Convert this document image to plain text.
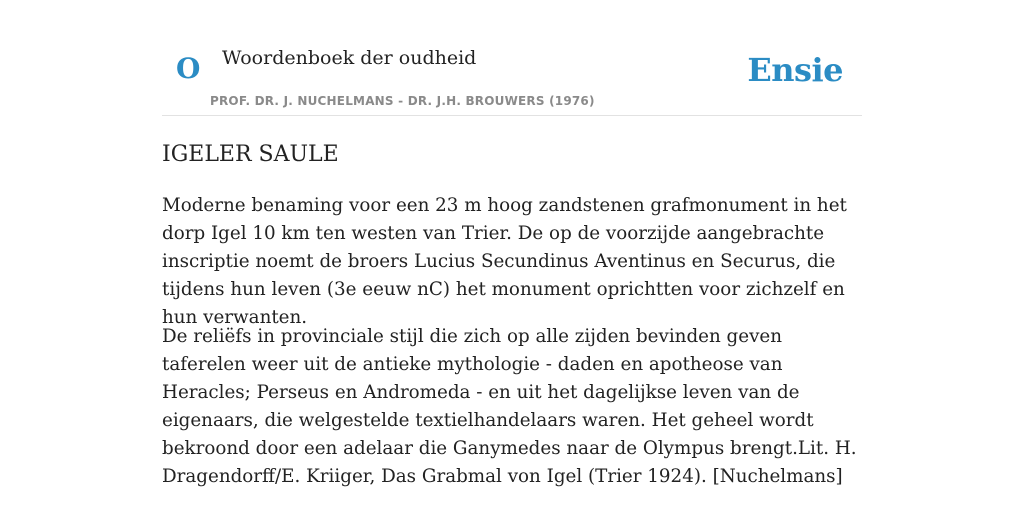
O Woordenboek der oudheid
PROF. DR. J. NUCHELMANS - DR. J.H. BROUWERS (1976)
Ensie
IGELER SAULE

Moderne benaming voor een 23 m hoog zandstenen grafmonument in het dorp Igel 10 km ten westen van Trier. De op de voorzijde aangebrachte inscriptie noemt de broers Lucius Secundinus Aventinus en Securus, die tijdens hun leven (3e eeuw nC) het monument oprichtten voor zichzelf en hun verwanten.

De reliëfs in provinciale stijl die zich op alle zijden bevinden geven taferelen weer uit de antieke mythologie - daden en apotheose van Heracles; Perseus en Andromeda - en uit het dagelijkse leven van de eigenaars, die welgestelde textielhandelaars waren. Het geheel wordt bekroond door een adelaar die Ganymedes naar de Olympus brengt.Lit. H. Dragendorff/E. Kriiger, Das Grabmal von Igel (Trier 1924). [Nuchelmans]
